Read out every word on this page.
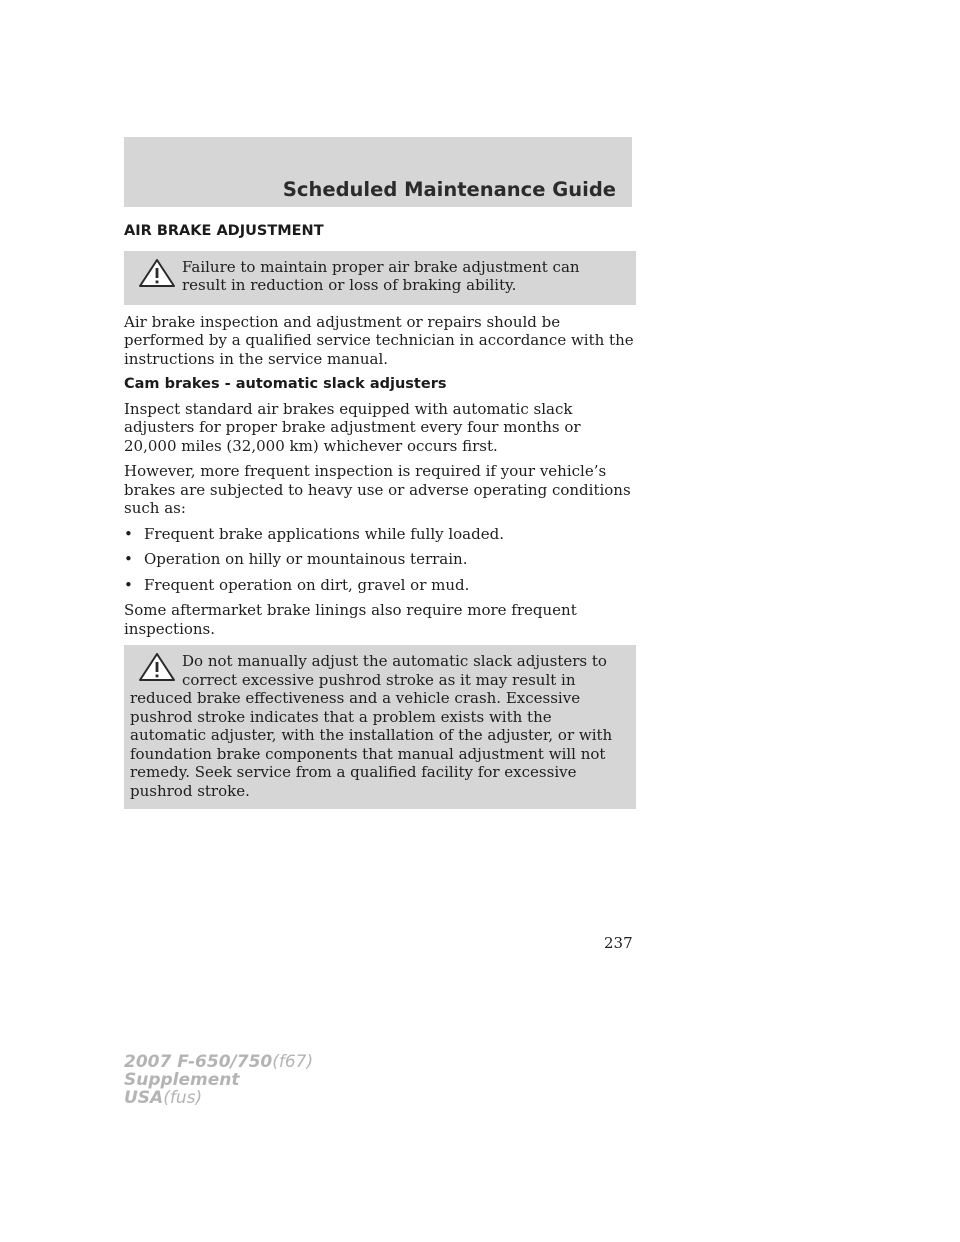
Scheduled Maintenance Guide
AIR BRAKE ADJUSTMENT
Failure to maintain proper air brake adjustment can result in reduction or loss of braking ability.

Air brake inspection and adjustment or repairs should be performed by a qualified service technician in accordance with the instructions in the service manual.

Cam brakes - automatic slack adjusters

Inspect standard air brakes equipped with automatic slack adjusters for proper brake adjustment every four months or 20,000 miles (32,000 km) whichever occurs first.

However, more frequent inspection is required if your vehicle’s brakes are subjected to heavy use or adverse operating conditions such as:

• Frequent brake applications while fully loaded.
• Operation on hilly or mountainous terrain.
• Frequent operation on dirt, gravel or mud.

Some aftermarket brake linings also require more frequent inspections.

Do not manually adjust the automatic slack adjusters to correct excessive pushrod stroke as it may result in reduced brake effectiveness and a vehicle crash. Excessive pushrod stroke indicates that a problem exists with the automatic adjuster, with the installation of the adjuster, or with foundation brake components that manual adjustment will not remedy. Seek service from a qualified facility for excessive pushrod stroke.

237
2007 F-650/750(f67)
Supplement
USA(fus)
